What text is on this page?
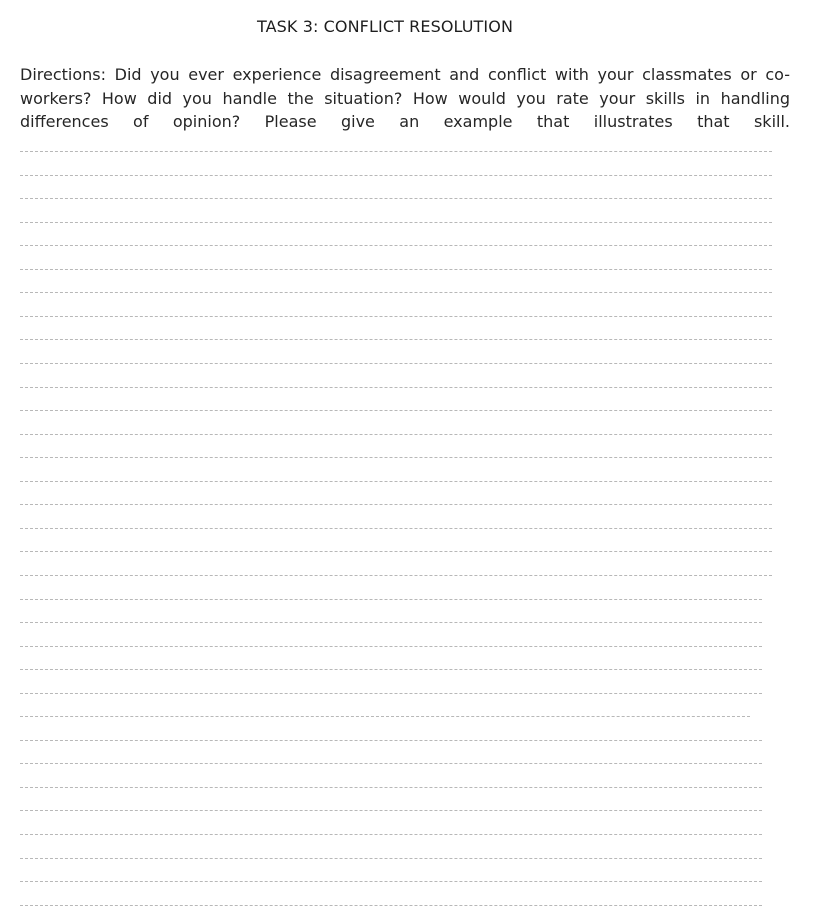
TASK 3: CONFLICT RESOLUTION
Directions: Did you ever experience disagreement and conflict with your classmates or co-workers? How did you handle the situation? How would you rate your skills in handling differences of opinion? Please give an example that illustrates that skill.
